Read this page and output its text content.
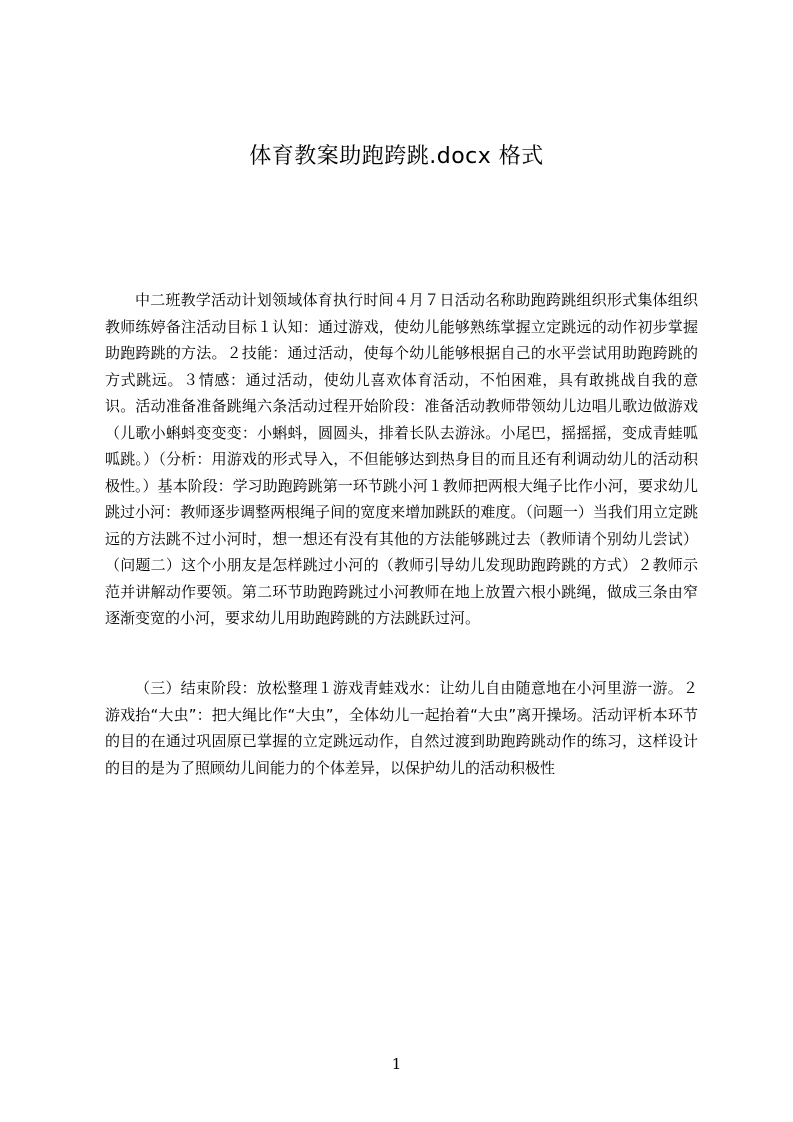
体育教案助跑跨跳.docx 格式

中二班教学活动计划领域体育执行时间４月７日活动名称助跑跨跳组织形式集体组织教师练婷备注活动目标１认知：通过游戏，使幼儿能够熟练掌握立定跳远的动作初步掌握助跑跨跳的方法。２技能：通过活动，使每个幼儿能够根据自己的水平尝试用助跑跨跳的方式跳远。３情感：通过活动，使幼儿喜欢体育活动，不怕困难，具有敢挑战自我的意识。活动准备准备跳绳六条活动过程开始阶段：准备活动教师带领幼儿边唱儿歌边做游戏（儿歌小蝌蚪变变变：小蝌蚪，圆圆头，排着长队去游泳。小尾巴，摇摇摇，变成青蛙呱呱跳。）（分析：用游戏的形式导入，不但能够达到热身目的而且还有利调动幼儿的活动积极性。）基本阶段：学习助跑跨跳第一环节跳小河１教师把两根大绳子比作小河，要求幼儿跳过小河：教师逐步调整两根绳子间的宽度来增加跳跃的难度。（问题一）当我们用立定跳远的方法跳不过小河时，想一想还有没有其他的方法能够跳过去（教师请个别幼儿尝试）（问题二）这个小朋友是怎样跳过小河的（教师引导幼儿发现助跑跨跳的方式）２教师示范并讲解动作要领。第二环节助跑跨跳过小河教师在地上放置六根小跳绳，做成三条由窄逐渐变宽的小河，要求幼儿用助跑跨跳的方法跳跃过河。

（三）结束阶段：放松整理１游戏青蛙戏水：让幼儿自由随意地在小河里游一游。２游戏抬“大虫”：把大绳比作“大虫”，全体幼儿一起抬着“大虫”离开操场。活动评析本环节的目的在通过巩固原已掌握的立定跳远动作，自然过渡到助跑跨跳动作的练习，这样设计的目的是为了照顾幼儿间能力的个体差异，以保护幼儿的活动积极性

1
